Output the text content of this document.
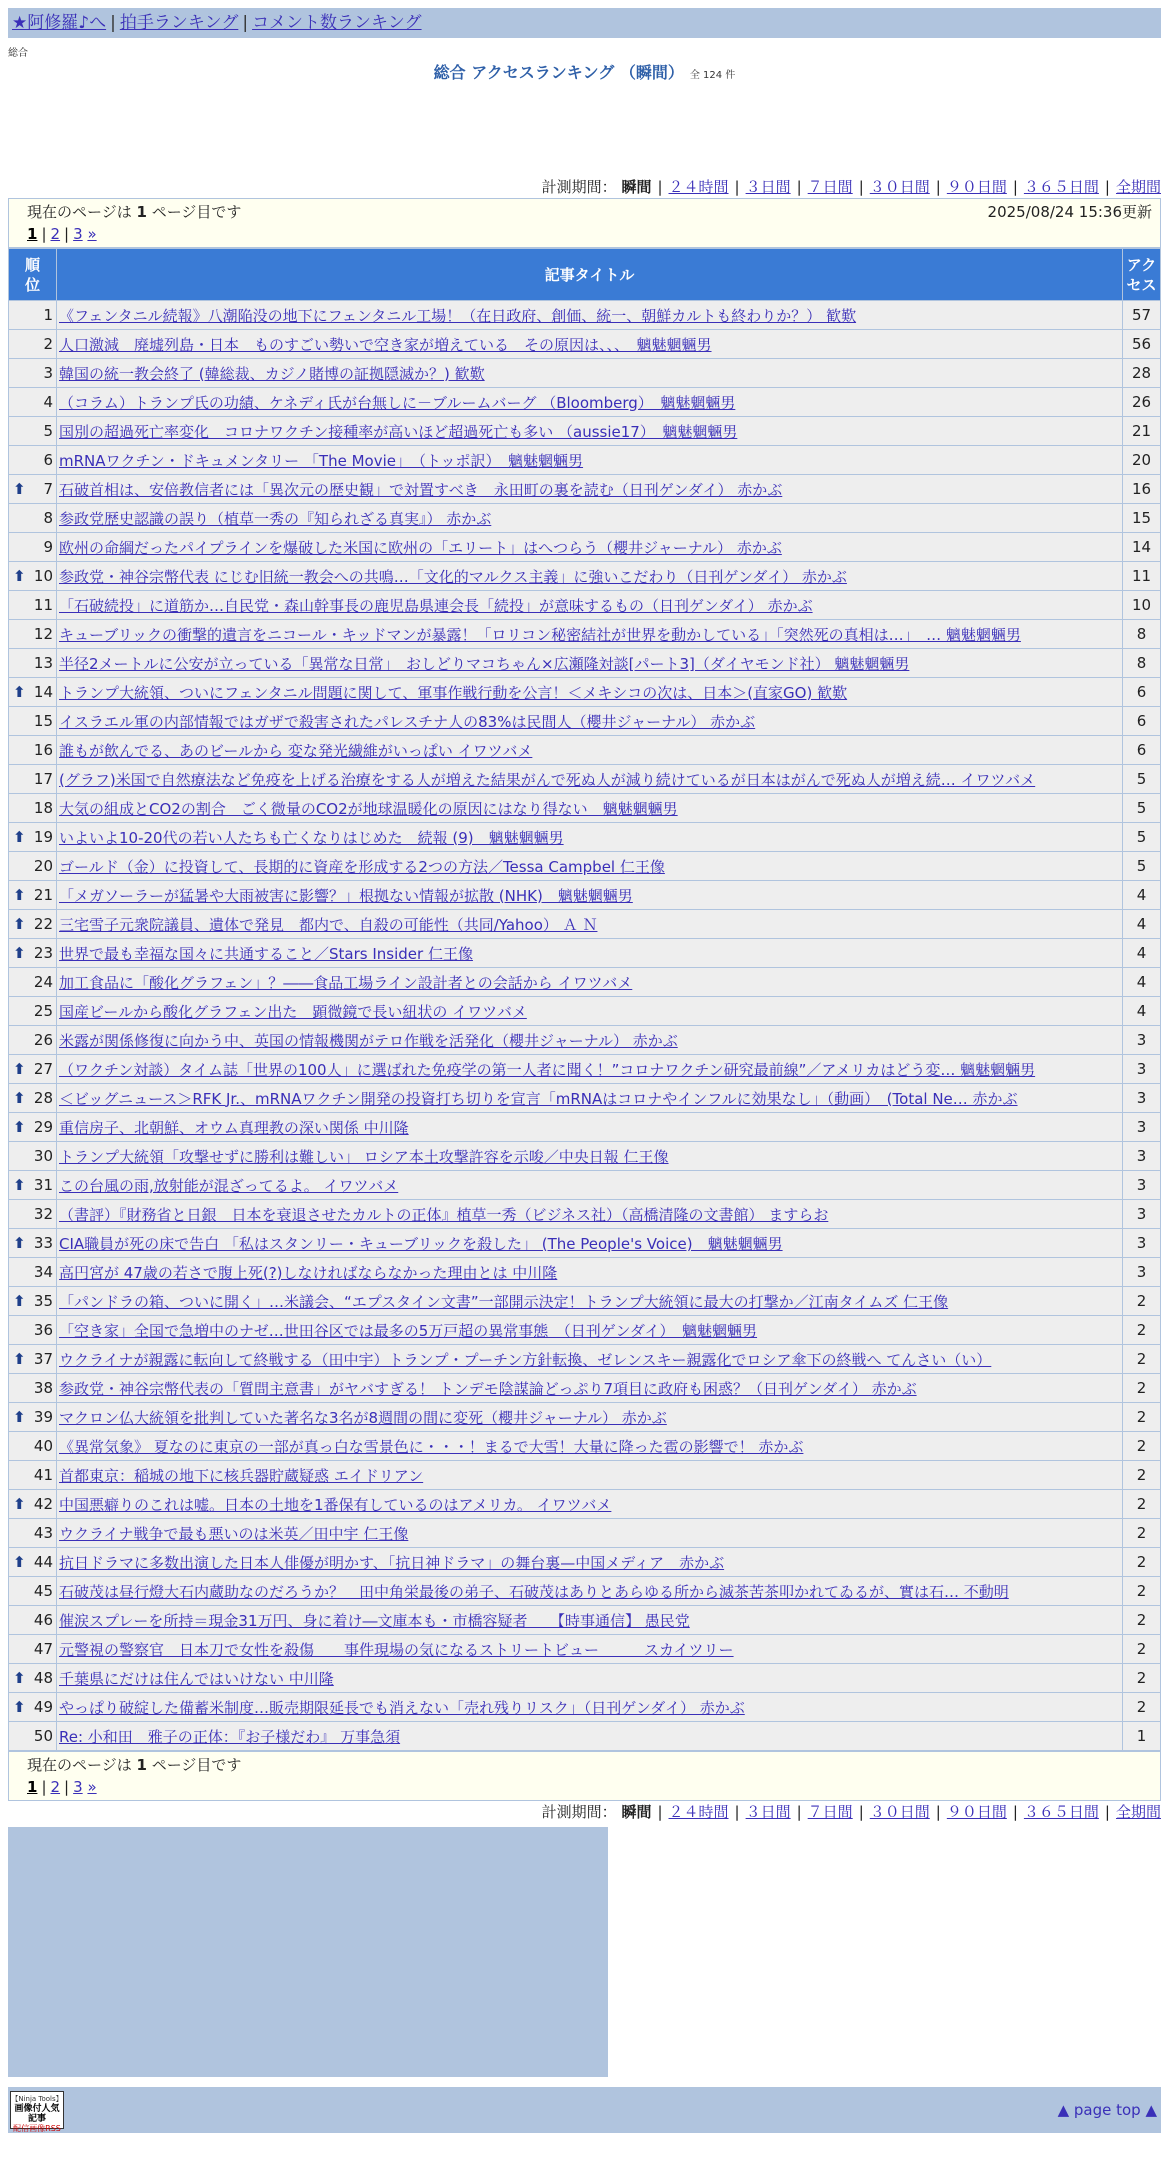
★阿修羅♪へ | 拍手ランキング | コメント数ランキング
総合
総合 アクセスランキング （瞬間） 全 124 件
計測期間： 瞬間 | ２４時間 | ３日間 | ７日間 | ３０日間 | ９０日間 | ３６５日間 | 全期間
現在のページは 1 ページ目です	2025/08/24 15:36更新
1 | 2 | 3 »
順位	記事タイトル	アクセス
1	《フェンタニル続報》八潮陥没の地下にフェンタニル工場！（在日政府、創価、統一、朝鮮カルトも終わりか？） 歓歎	57
2	人口激減　廃墟列島・日本　ものすごい勢いで空き家が増えている　その原因は、、、　魑魅魍魎男	56
3	韓国の統一教会終了 (韓総裁、カジノ賭博の証拠隠滅か？) 歓歎	28
4	（コラム）トランプ氏の功績、ケネディ氏が台無しに－ブルームバーグ （Bloomberg）　魑魅魍魎男	26
5	国別の超過死亡率変化　コロナワクチン接種率が高いほど超過死亡も多い （aussie17）　魑魅魍魎男	21
6	mRNAワクチン・ドキュメンタリー 「The Movie」　（トッポ訳）　魑魅魍魎男	20

⬆ 7	石破首相は、安倍教信者には「異次元の歴史観」で対置すべき　永田町の裏を読む（日刊ゲンダイ） 赤かぶ	16
8	参政党歴史認識の誤り（植草一秀の『知られざる真実』） 赤かぶ	15
9	欧州の命綱だったパイプラインを爆破した米国に欧州の「エリート」はへつらう（櫻井ジャーナル） 赤かぶ	14

⬆ 10	参政党・神谷宗幣代表 にじむ旧統一教会への共鳴…「文化的マルクス主義」に強いこだわり（日刊ゲンダイ） 赤かぶ	11
11	「石破続投」に道筋か…自民党・森山幹事長の鹿児島県連会長「続投」が意味するもの（日刊ゲンダイ） 赤かぶ	10
12	キューブリックの衝撃的遺言をニコール・キッドマンが暴露！「ロリコン秘密結社が世界を動かしている」「突然死の真相は…」　… 魑魅魍魎男	8
13	半径2メートルに公安が立っている「異常な日常」　おしどりマコちゃん×広瀬隆対談[パート3]（ダイヤモンド社） 魑魅魍魎男	8

⬆ 14	トランプ大統領、ついにフェンタニル問題に関して、軍事作戦行動を公言！＜メキシコの次は、日本＞(直家GO) 歓歎	6
15	イスラエル軍の内部情報ではガザで殺害されたパレスチナ人の83%は民間人（櫻井ジャーナル） 赤かぶ	6
16	誰もが飲んでる、あのビールから 変な発光繊維がいっぱい イワツバメ	6
17	(グラフ)米国で自然療法など免疫を上げる治療をする人が増えた結果がんで死ぬ人が減り続けているが日本はがんで死ぬ人が増え続… イワツバメ	5
18	大気の組成とCO2の割合　ごく微量のCO2が地球温暖化の原因にはなり得ない　魑魅魍魎男	5

⬆ 19	いよいよ10-20代の若い人たちも亡くなりはじめた　続報 (9)　魑魅魍魎男	5
20	ゴールド（金）に投資して、長期的に資産を形成する2つの方法／Tessa Campbel 仁王像	5

⬆ 21	「メガソーラーが猛暑や大雨被害に影響？」根拠ない情報が拡散 (NHK)　魑魅魍魎男	4

⬆ 22	三宅雪子元衆院議員、遺体で発見　都内で、自殺の可能性（共同/Yahoo） Ａ Ｎ	4

⬆ 23	世界で最も幸福な国々に共通すること／Stars Insider 仁王像	4
24	加工食品に「酸化グラフェン」？――食品工場ライン設計者との会話から イワツバメ	4
25	国産ビールから酸化グラフェン出た　顕微鏡で長い紐状の イワツバメ	4
26	米露が関係修復に向かう中、英国の情報機関がテロ作戦を活発化（櫻井ジャーナル） 赤かぶ	3

⬆ 27	（ワクチン対談）タイム誌「世界の100人」に選ばれた免疫学の第一人者に聞く！”コロナワクチン研究最前線”／アメリカはどう変… 魑魅魍魎男	3

⬆ 28	＜ビッグニュース＞RFK Jr.、mRNAワクチン開発の投資打ち切りを宣言「mRNAはコロナやインフルに効果なし」（動画）　(Total Ne… 赤かぶ	3

⬆ 29	重信房子、北朝鮮、オウム真理教の深い関係 中川隆	3
30	トランプ大統領「攻撃せずに勝利は難しい」 ロシア本土攻撃許容を示唆／中央日報 仁王像	3

⬆ 31	この台風の雨,放射能が混ざってるよ。 イワツバメ	3
32	（書評）『財務省と日銀　日本を衰退させたカルトの正体』植草一秀（ビジネス社）（高橋清隆の文書館） ますらお	3

⬆ 33	CIA職員が死の床で告白 「私はスタンリー・キューブリックを殺した」 (The People's Voice)　魑魅魍魎男	3
34	高円宮が 47歳の若さで腹上死(?)しなければならなかった理由とは 中川隆	3

⬆ 35	「パンドラの箱、ついに開く」…米議会、“エプスタイン文書”一部開示決定！トランプ大統領に最大の打撃か／江南タイムズ 仁王像	2
36	「空き家」全国で急増中のナゼ…世田谷区では最多の5万戸超の異常事態　（日刊ゲンダイ）　魑魅魍魎男	2

⬆ 37	ウクライナが親露に転向して終戦する（田中宇）トランプ・プーチン方針転換、ゼレンスキー親露化でロシア傘下の終戦へ てんさい（い）	2
38	参政党・神谷宗幣代表の「質問主意書」がヤバすぎる！ トンデモ陰謀論どっぷり7項目に政府も困惑？（日刊ゲンダイ） 赤かぶ	2

⬆ 39	マクロン仏大統領を批判していた著名な3名が8週間の間に変死（櫻井ジャーナル） 赤かぶ	2
40	《異常気象》 夏なのに東京の一部が真っ白な雪景色に・・・！まるで大雪！大量に降った雹の影響で！ 赤かぶ	2
41	首都東京：稲城の地下に核兵器貯蔵疑惑 エイドリアン	2

⬆ 42	中国悪癖りのこれは嘘。日本の土地を1番保有しているのはアメリカ。 イワツバメ	2
43	ウクライナ戦争で最も悪いのは米英／田中宇 仁王像	2

⬆ 44	抗日ドラマに多数出演した日本人俳優が明かす、「抗日神ドラマ」の舞台裏—中国メディア　赤かぶ	2
45	石破茂は昼行燈大石内蔵助なのだろうか？　田中角栄最後の弟子、石破茂はありとあらゆる所から滅茶苦茶叩かれてゐるが、實は石… 不動明	2
46	催涙スプレーを所持＝現金31万円、身に着け―文庫本も・市橋容疑者　　【時事通信】 愚民党	2
47	元警視の警察官　日本刀で女性を殺傷　　事件現場の気になるストリートビュー　　　スカイツリー	2

⬆ 48	千葉県にだけは住んではいけない 中川隆	2

⬆ 49	やっぱり破綻した備蓄米制度…販売期限延長でも消えない「売れ残りリスク」（日刊ゲンダイ） 赤かぶ	2
50	Re: 小和田　雅子の正体：『お子様だわ』 万事急須	1
現在のページは 1 ページ目です
1 | 2 | 3 »
計測期間： 瞬間 | ２４時間 | ３日間 | ７日間 | ３０日間 | ９０日間 | ３６５日間 | 全期間
【Ninja Tools】
画像付人気記事
配信画像RSS
▲ page top ▲
